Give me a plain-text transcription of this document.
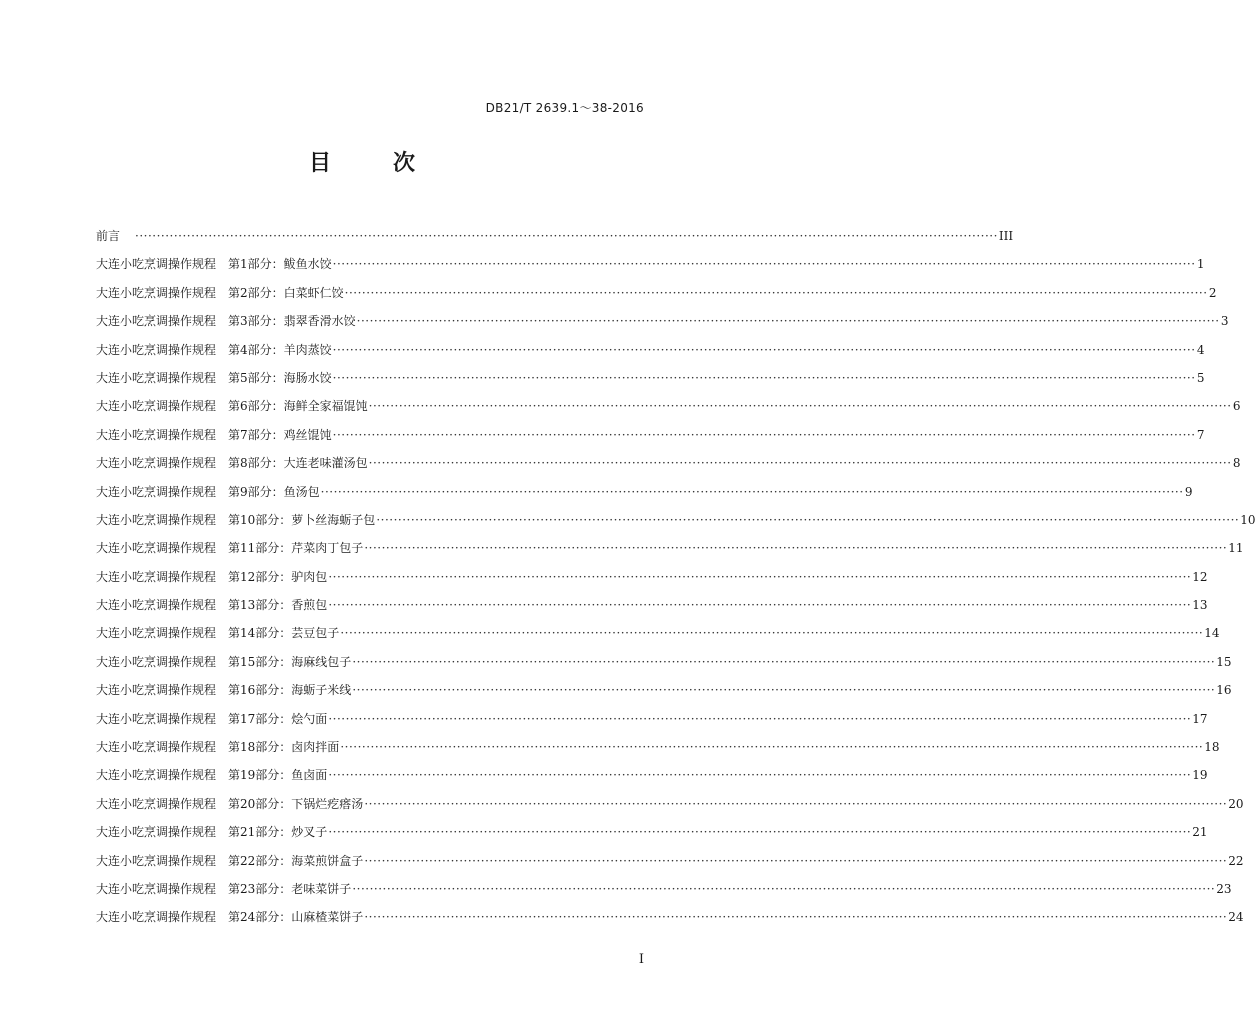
DB21/T 2639.1～38-2016
目　次
前言 ········································································································································································································ III
大连小吃烹调操作规程 第1部分：鲅鱼水饺 ········································································································································································································ 1
大连小吃烹调操作规程 第2部分：白菜虾仁饺 ········································································································································································································ 2
大连小吃烹调操作规程 第3部分：翡翠香滑水饺 ········································································································································································································ 3
大连小吃烹调操作规程 第4部分：羊肉蒸饺 ········································································································································································································ 4
大连小吃烹调操作规程 第5部分：海肠水饺 ········································································································································································································ 5
大连小吃烹调操作规程 第6部分：海鲜全家福馄饨 ········································································································································································································ 6
大连小吃烹调操作规程 第7部分：鸡丝馄饨 ········································································································································································································ 7
大连小吃烹调操作规程 第8部分：大连老味灌汤包 ········································································································································································································ 8
大连小吃烹调操作规程 第9部分：鱼汤包 ········································································································································································································ 9
大连小吃烹调操作规程 第10部分：萝卜丝海蛎子包 ········································································································································································································ 10
大连小吃烹调操作规程 第11部分：芹菜肉丁包子 ········································································································································································································ 11
大连小吃烹调操作规程 第12部分：驴肉包 ········································································································································································································ 12
大连小吃烹调操作规程 第13部分：香煎包 ········································································································································································································ 13
大连小吃烹调操作规程 第14部分：芸豆包子 ········································································································································································································ 14
大连小吃烹调操作规程 第15部分：海麻线包子 ········································································································································································································ 15
大连小吃烹调操作规程 第16部分：海蛎子米线 ········································································································································································································ 16
大连小吃烹调操作规程 第17部分：烩勺面 ········································································································································································································ 17
大连小吃烹调操作规程 第18部分：卤肉拌面 ········································································································································································································ 18
大连小吃烹调操作规程 第19部分：鱼卤面 ········································································································································································································ 19
大连小吃烹调操作规程 第20部分：下锅烂疙瘩汤 ········································································································································································································ 20
大连小吃烹调操作规程 第21部分：炒叉子 ········································································································································································································ 21
大连小吃烹调操作规程 第22部分：海菜煎饼盒子 ········································································································································································································ 22
大连小吃烹调操作规程 第23部分：老味菜饼子 ········································································································································································································ 23
大连小吃烹调操作规程 第24部分：山麻楂菜饼子 ········································································································································································································ 24
I
